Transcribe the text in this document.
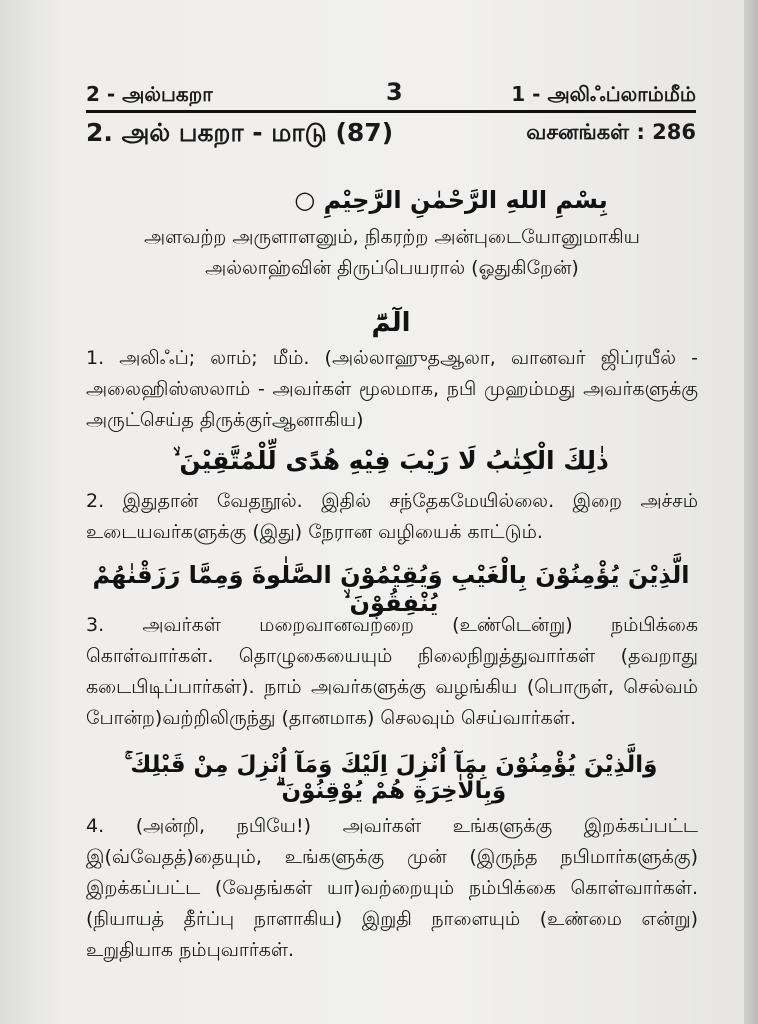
2 - அல்பகறா	3	1 - அலிஃப்லாம்மீம்
2. அல் பகறா - மாடு (87)	வசனங்கள் : 286
بِسْمِ اللهِ الرَّحْمٰنِ الرَّحِيْمِ ○
அளவற்ற அருளாளனும், நிகரற்ற அன்புடையோனுமாகிய
அல்லாஹ்வின் திருப்பெயரால் (ஓதுகிறேன்)
الٓمّٓ
1. அலிஃப்; லாம்; மீம். (அல்லாஹுதஆலா, வானவர் ஜிப்ரயீல் - அலைஹிஸ்ஸலாம் - அவர்கள் மூலமாக, நபி முஹம்மது அவர்களுக்கு அருட்செய்த திருக்குர்ஆனாகிய)
ذٰلِكَ الْكِتٰبُ لَا رَيْبَ فِيْهِ هُدًى لِّلْمُتَّقِيْنَ ۙ
2. இதுதான் வேதநூல். இதில் சந்தேகமேயில்லை. இறை அச்சம் உடையவர்களுக்கு (இது) நேரான வழியைக் காட்டும்.
الَّذِيْنَ يُؤْمِنُوْنَ بِالْغَيْبِ وَيُقِيْمُوْنَ الصَّلٰوةَ وَمِمَّا رَزَقْنٰهُمْ يُنْفِقُوْنَ ۙ
3. அவர்கள் மறைவானவற்றை (உண்டென்று) நம்பிக்கை கொள்வார்கள். தொழுகையையும் நிலைநிறுத்துவார்கள் (தவறாது கடைபிடிப்பார்கள்). நாம் அவர்களுக்கு வழங்கிய (பொருள், செல்வம் போன்ற)வற்றிலிருந்து (தானமாக) செலவும் செய்வார்கள்.
وَالَّذِيْنَ يُؤْمِنُوْنَ بِمَآ اُنْزِلَ اِلَيْكَ وَمَآ اُنْزِلَ مِنْ قَبْلِكَ ۚ وَبِالْاٰخِرَةِ هُمْ يُوْقِنُوْنَ ۗ
4. (அன்றி, நபியே!) அவர்கள் உங்களுக்கு இறக்கப்பட்ட இ(வ்வேதத்)தையும், உங்களுக்கு முன் (இருந்த நபிமார்களுக்கு) இறக்கப்பட்ட (வேதங்கள் யா)வற்றையும் நம்பிக்கை கொள்வார்கள். (நியாயத் தீர்ப்பு நாளாகிய) இறுதி நாளையும் (உண்மை என்று) உறுதியாக நம்புவார்கள்.
